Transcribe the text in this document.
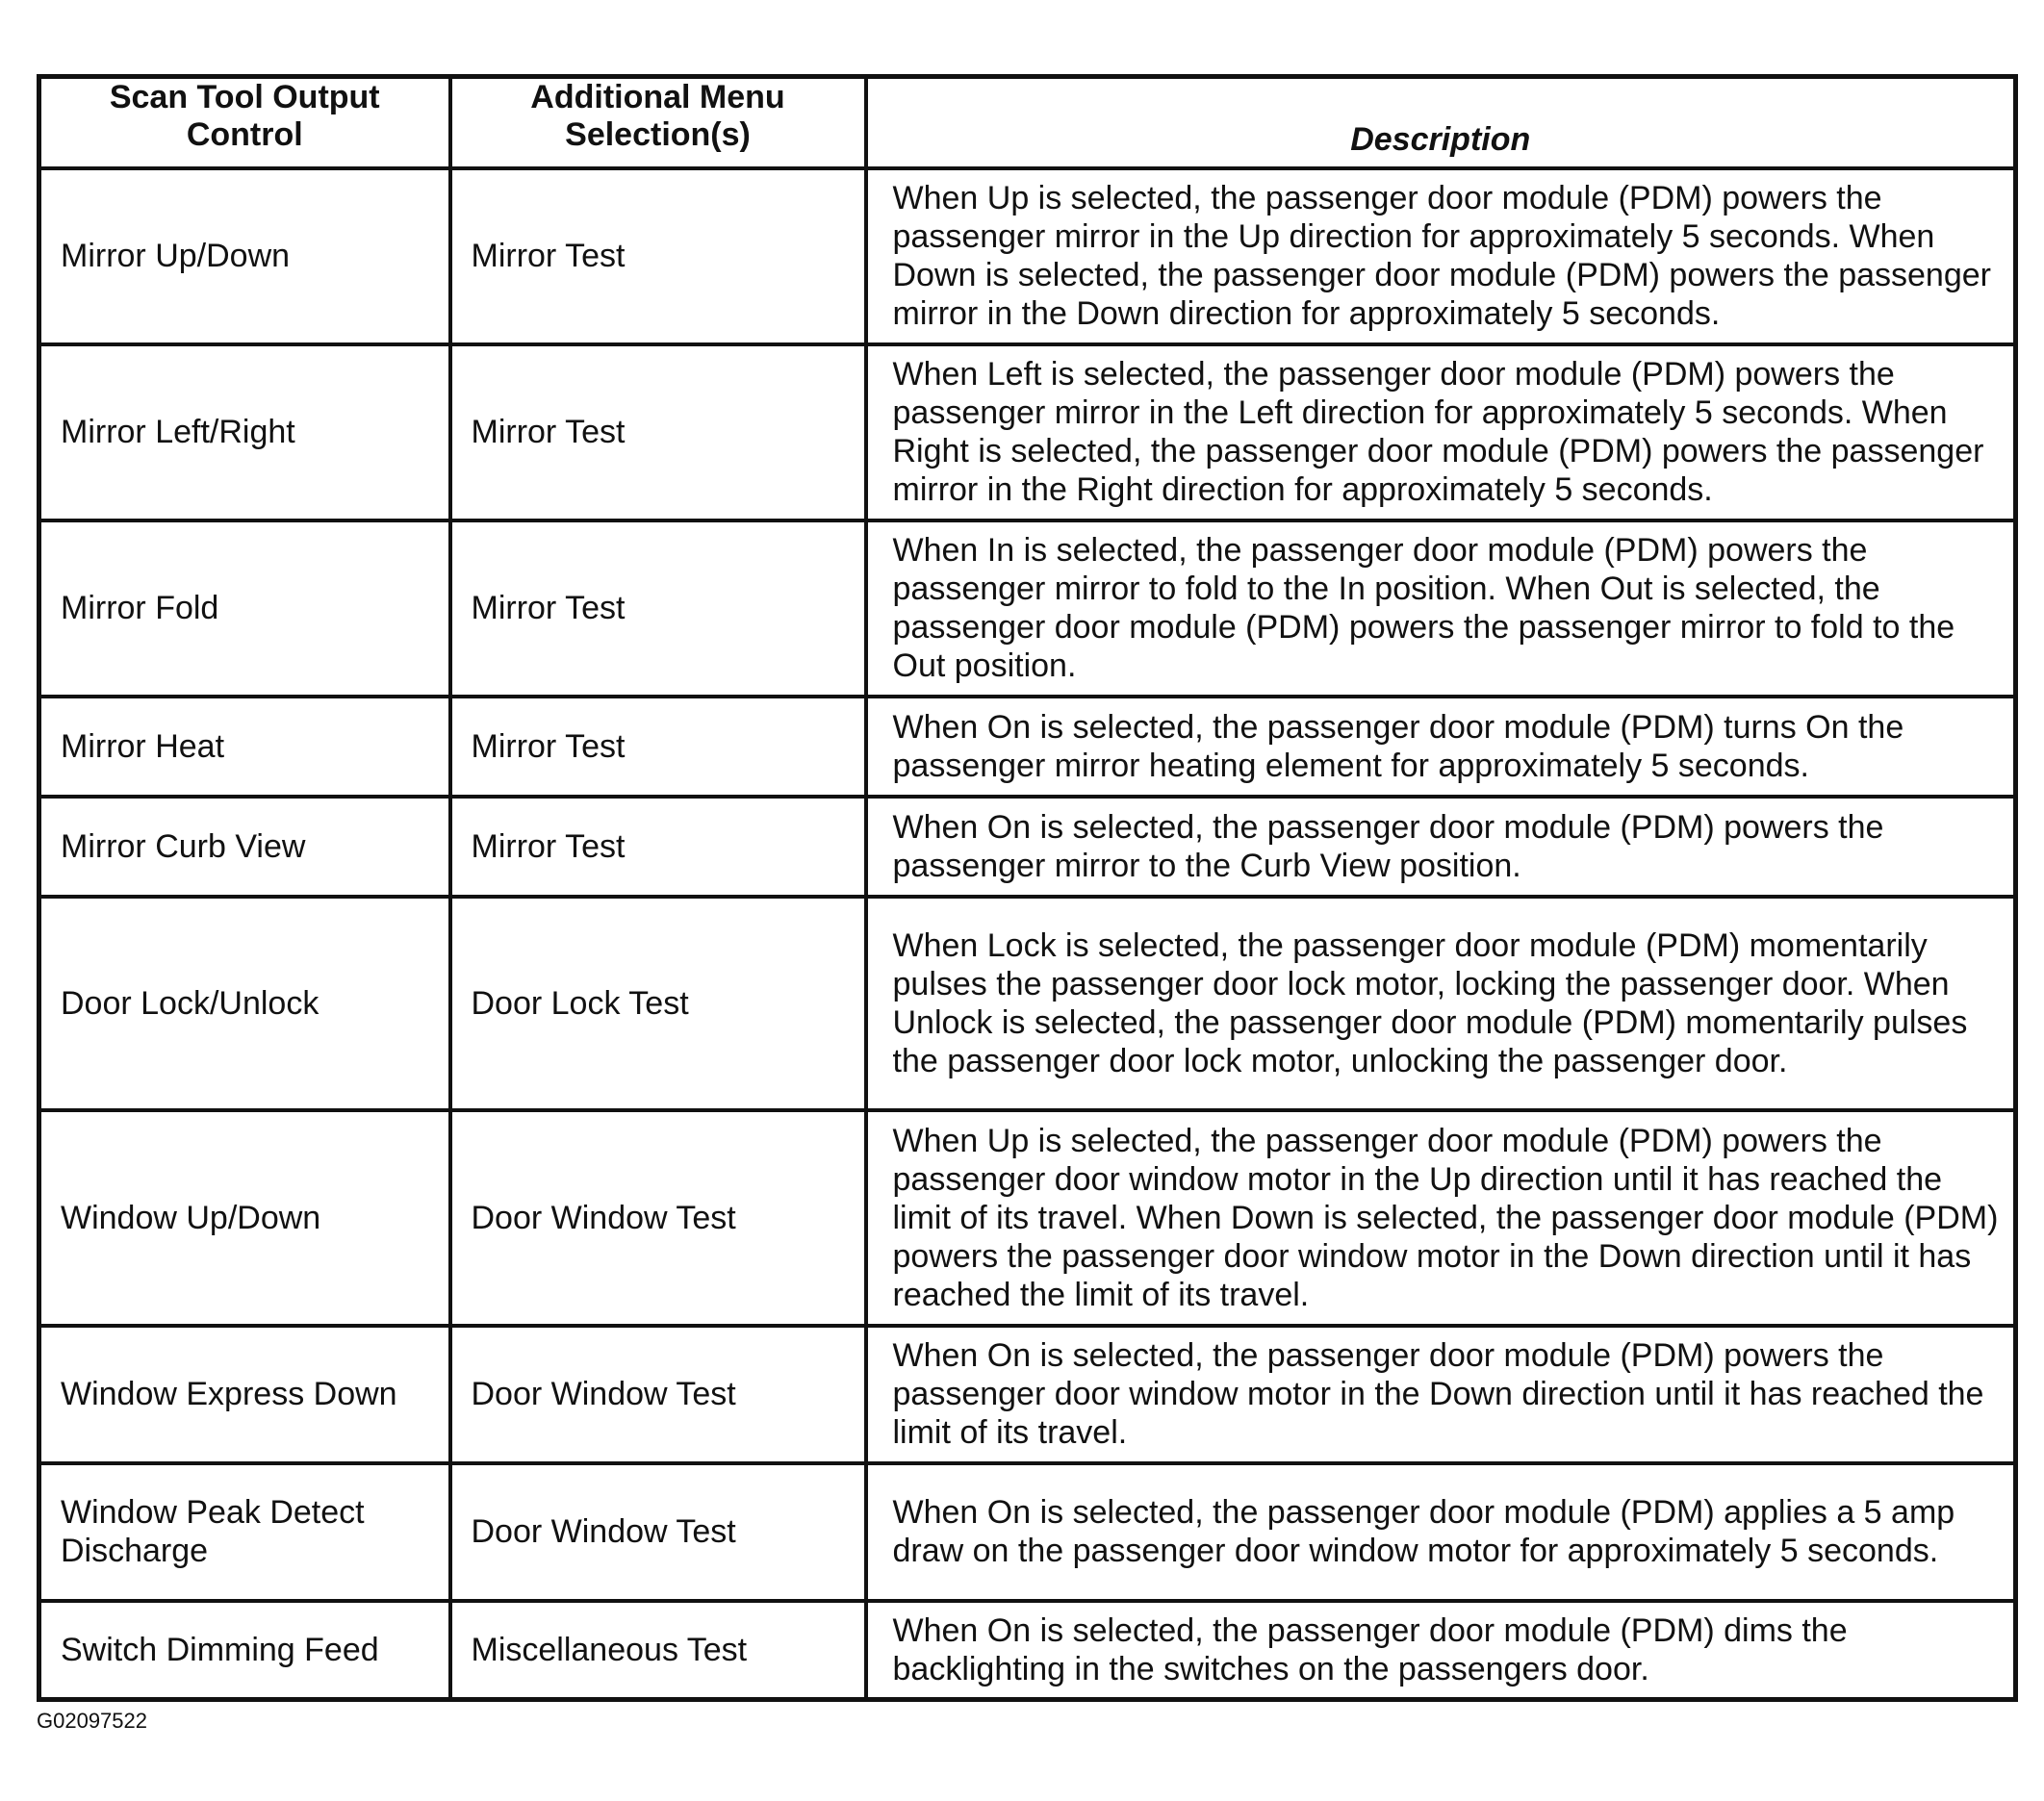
Scan Tool Output Control	Additional Menu Selection(s)	Description
Mirror Up/Down	Mirror Test	When Up is selected, the passenger door module (PDM) powers the passenger mirror in the Up direction for approximately 5 seconds. When Down is selected, the passenger door module (PDM) powers the passenger mirror in the Down direction for approximately 5 seconds.
Mirror Left/Right	Mirror Test	When Left is selected, the passenger door module (PDM) powers the passenger mirror in the Left direction for approximately 5 seconds. When Right is selected, the passenger door module (PDM) powers the passenger mirror in the Right direction for approximately 5 seconds.
Mirror Fold	Mirror Test	When In is selected, the passenger door module (PDM) powers the passenger mirror to fold to the In position. When Out is selected, the passenger door module (PDM) powers the passenger mirror to fold to the Out position.
Mirror Heat	Mirror Test	When On is selected, the passenger door module (PDM) turns On the passenger mirror heating element for approximately 5 seconds.
Mirror Curb View	Mirror Test	When On is selected, the passenger door module (PDM) powers the passenger mirror to the Curb View position.
Door Lock/Unlock	Door Lock Test	When Lock is selected, the passenger door module (PDM) momentarily pulses the passenger door lock motor, locking the passenger door. When Unlock is selected, the passenger door module (PDM) momentarily pulses the passenger door lock motor, unlocking the passenger door.
Window Up/Down	Door Window Test	When Up is selected, the passenger door module (PDM) powers the passenger door window motor in the Up direction until it has reached the limit of its travel. When Down is selected, the passenger door module (PDM) powers the passenger door window motor in the Down direction until it has reached the limit of its travel.
Window Express Down	Door Window Test	When On is selected, the passenger door module (PDM) powers the passenger door window motor in the Down direction until it has reached the limit of its travel.
Window Peak Detect Discharge	Door Window Test	When On is selected, the passenger door module (PDM) applies a 5 amp draw on the passenger door window motor for approximately 5 seconds.
Switch Dimming Feed	Miscellaneous Test	When On is selected, the passenger door module (PDM) dims the backlighting in the switches on the passengers door.
G02097522
